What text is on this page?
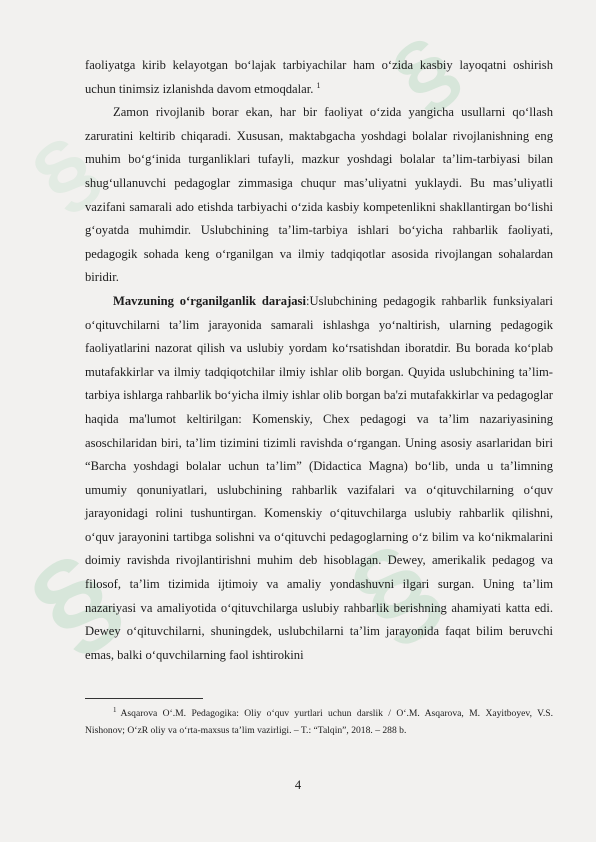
§
§
§ §

faoliyatga kirib kelayotgan bo‘lajak tarbiyachilar ham o‘zida kasbiy layoqatni oshirish uchun tinimsiz izlanishda davom etmoqdalar. $^1$

Zamon rivojlanib borar ekan, har bir faoliyat o‘zida yangicha usullarni qo‘llash zaruratini keltirib chiqaradi. Xususan, maktabgacha yoshdagi bolalar rivojlanishning eng muhim bo‘g‘inida turganliklari tufayli, mazkur yoshdagi bolalar ta’lim-tarbiyasi bilan shug‘ullanuvchi pedagoglar zimmasiga chuqur mas’uliyatni yuklaydi. Bu mas’uliyatli vazifani samarali ado etishda tarbiyachi o‘zida kasbiy kompetenlikni shakllantirgan bo‘lishi g‘oyatda muhimdir. Uslubchining ta’lim-tarbiya ishlari bo‘yicha rahbarlik faoliyati, pedagogik sohada keng o‘rganilgan va ilmiy tadqiqotlar asosida rivojlangan sohalardan biridir.

Mavzuning o‘rganilganlik darajasi:Uslubchining pedagogik rahbarlik funksiyalari o‘qituvchilarni ta’lim jarayonida samarali ishlashga yo‘naltirish, ularning pedagogik faoliyatlarini nazorat qilish va uslubiy yordam ko‘rsatishdan iboratdir. Bu borada ko‘plab mutafakkirlar va ilmiy tadqiqotchilar ilmiy ishlar olib borgan. Quyida uslubchining ta’lim-tarbiya ishlarga rahbarlik bo‘yicha ilmiy ishlar olib borgan ba'zi mutafakkirlar va pedagoglar haqida ma'lumot keltirilgan: Komenskiy, Chex pedagogi va ta’lim nazariyasining asoschilaridan biri, ta’lim tizimini tizimli ravishda o‘rgangan. Uning asosiy asarlaridan biri “Barcha yoshdagi bolalar uchun ta’lim” (Didactica Magna) bo‘lib, unda u ta’limning umumiy qonuniyatlari, uslubchining rahbarlik vazifalari va o‘qituvchilarning o‘quv jarayonidagi rolini tushuntirgan. Komenskiy o‘qituvchilarga uslubiy rahbarlik qilishni, o‘quv jarayonini tartibga solishni va o‘qituvchi pedagoglarning o‘z bilim va ko‘nikmalarini doimiy ravishda rivojlantirishni muhim deb hisoblagan. Dewey, amerikalik pedagog va filosof, ta’lim tizimida ijtimoiy va amaliy yondashuvni ilgari surgan. Uning ta’lim nazariyasi va amaliyotida o‘qituvchilarga uslubiy rahbarlik berishning ahamiyati katta edi. Dewey o‘qituvchilarni, shuningdek, uslubchilarni ta’lim jarayonida faqat bilim beruvchi emas, balki o‘quvchilarning faol ishtirokini

$^1$ Asqarova O‘.M. Pedagogika: Oliy o‘quv yurtlari uchun darslik / O‘.M. Asqarova, M. Xayitboyev, V.S. Nishonov; O‘zR oliy va o‘rta-maxsus ta’lim vazirligi. – T.: “Talqin”, 2018. – 288 b.
4
